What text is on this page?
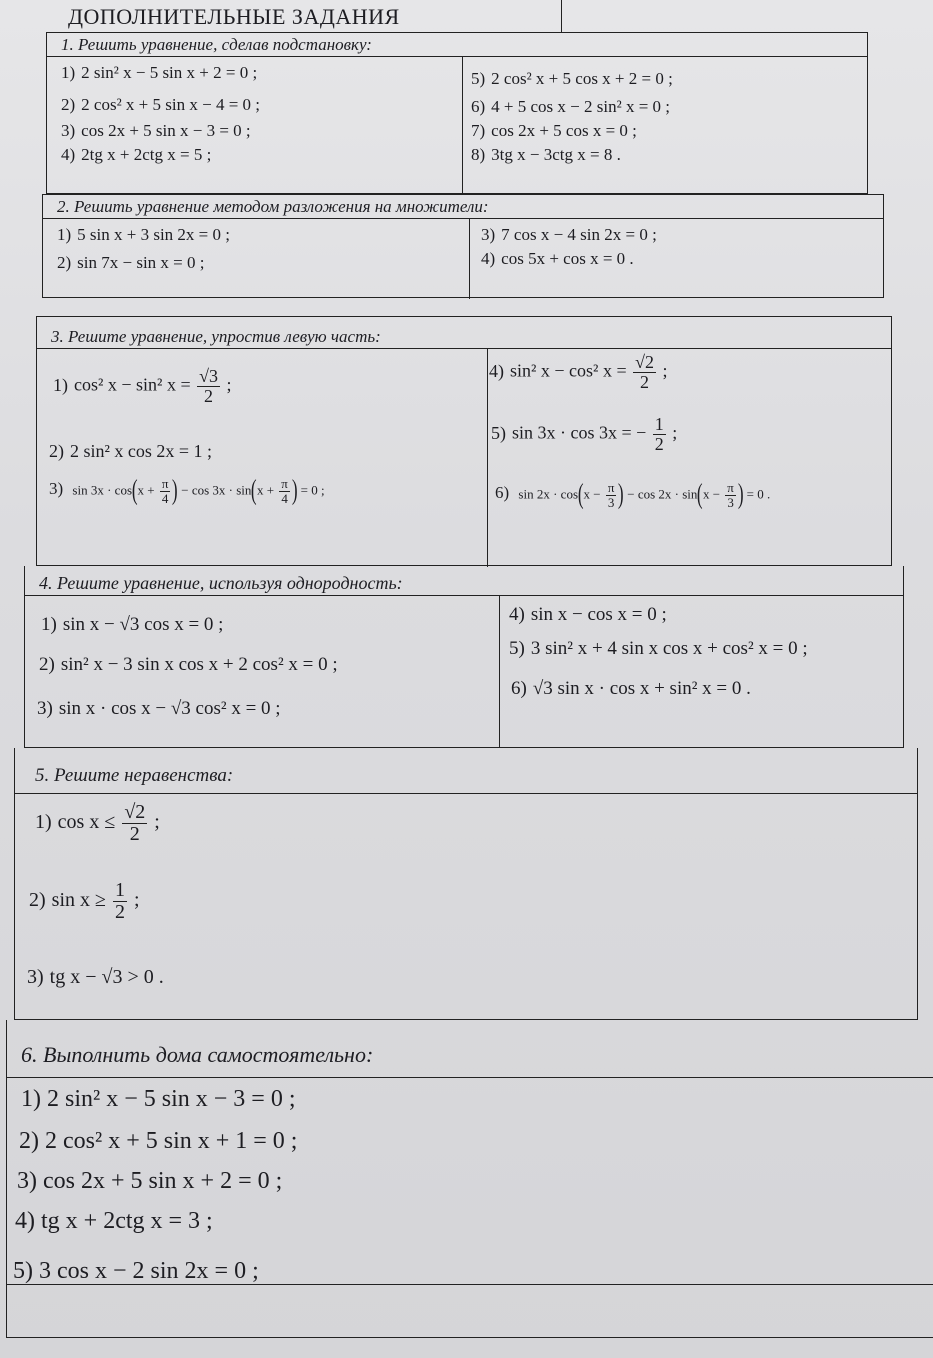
ДОПОЛНИТЕЛЬНЫЕ ЗАДАНИЯ
1. Решить уравнение, сделав подстановку:
1) 2 sin² x − 5 sin x + 2 = 0 ;
2) 2 cos² x + 5 sin x − 4 = 0 ;
3) cos 2x + 5 sin x − 3 = 0 ;
4) 2tg x + 2ctg x = 5 ;
5) 2 cos² x + 5 cos x + 2 = 0 ;
6) 4 + 5 cos x − 2 sin² x = 0 ;
7) cos 2x + 5 cos x = 0 ;
8) 3tg x − 3ctg x = 8 .
2. Решить уравнение методом разложения на множители:
1) 5 sin x + 3 sin 2x = 0 ;
2) sin 7x − sin x = 0 ;
3) 7 cos x − 4 sin 2x = 0 ;
4) cos 5x + cos x = 0 .
3. Решите уравнение, упростив левую часть:
1) cos² x − sin² $x = \frac{√3}{2}$ ;
2) 2 sin² x cos 2x = 1 ;
3) $\sin 3x \cdot \cos(x + \frac{\pi}{4}$ ) − $\cos 3x \cdot \sin(x + \frac{\pi}{4}$ ) = 0 ;
4) sin² x − cos² $x = \frac{√2}{2}$ ;
5) sin 3x · cos 3x = − $\frac{1}{2}$ ;
6) $\sin 2x \cdot \cos(x - \frac{\pi}{3}$ ) − $\cos 2x \cdot \sin(x - \frac{\pi}{3}$ ) = 0 .
4. Решите уравнение, используя однородность:
1) sin x − √3 cos x = 0 ;
2) sin² x − 3 sin x cos x + 2 cos² x = 0 ;
3) sin x · cos x − √3 cos² x = 0 ;
4) sin x − cos x = 0 ;
5) 3 sin² x + 4 sin x cos x + cos² x = 0 ;
6) √3 sin x · cos x + sin² x = 0 .
5. Решите неравенства:
1) $\cos x \le \frac{√2}{2}$ ;
2) $\sin x \ge \frac{1}{2}$ ;
3) tg x − √3 > 0 .
6. Выполнить дома самостоятельно:
1) 2 sin² x − 5 sin x − 3 = 0 ;
2) 2 cos² x + 5 sin x + 1 = 0 ;
3) cos 2x + 5 sin x + 2 = 0 ;
4) tg x + 2ctg x = 3 ;
5) 3 cos x − 2 sin 2x = 0 ;
